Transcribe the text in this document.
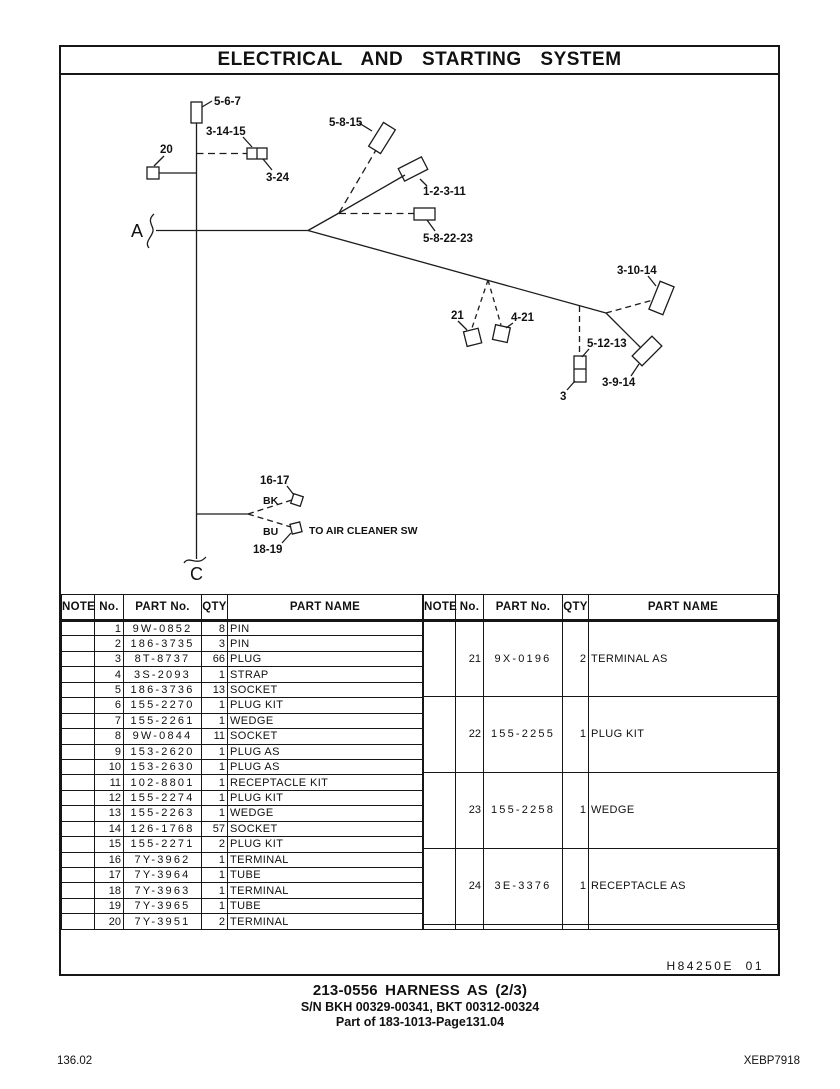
ELECTRICAL AND STARTING SYSTEM
5-6-7
20
3-14-15
3-24
A
5-8-15
1-2-3-11
5-8-22-23
21	4-21
5-12-13
3
3-10-14
3-9-14
BK
16-17
BU	TO AIR CLEANER SW
18-19
C
NOTE	No.	PART No.	QTY	PART NAME
	1	9W-0852	8	PIN
	2	186-3735	3	PIN
	3	8T-8737	66	PLUG
	4	3S-2093	1	STRAP
	5	186-3736	13	SOCKET
	6	155-2270	1	PLUG KIT
	7	155-2261	1	WEDGE
	8	9W-0844	11	SOCKET
	9	153-2620	1	PLUG AS
	10	153-2630	1	PLUG AS
	11	102-8801	1	RECEPTACLE KIT
	12	155-2274	1	PLUG KIT
	13	155-2263	1	WEDGE
	14	126-1768	57	SOCKET
	15	155-2271	2	PLUG KIT
	16	7Y-3962	1	TERMINAL
	17	7Y-3964	1	TUBE
	18	7Y-3963	1	TERMINAL
	19	7Y-3965	1	TUBE
	20	7Y-3951	2	TERMINAL
NOTE	No.	PART No.	QTY	PART NAME
	21	9X-0196	2	TERMINAL AS
	22	155-2255	1	PLUG KIT
	23	155-2258	1	WEDGE
	24	3E-3376	1	RECEPTACLE AS

H84250E  01
213-0556 HARNESS AS (2/3)
S/N BKH 00329-00341, BKT 00312-00324
Part of 183-1013-Page131.04
136.02	XEBP7918
